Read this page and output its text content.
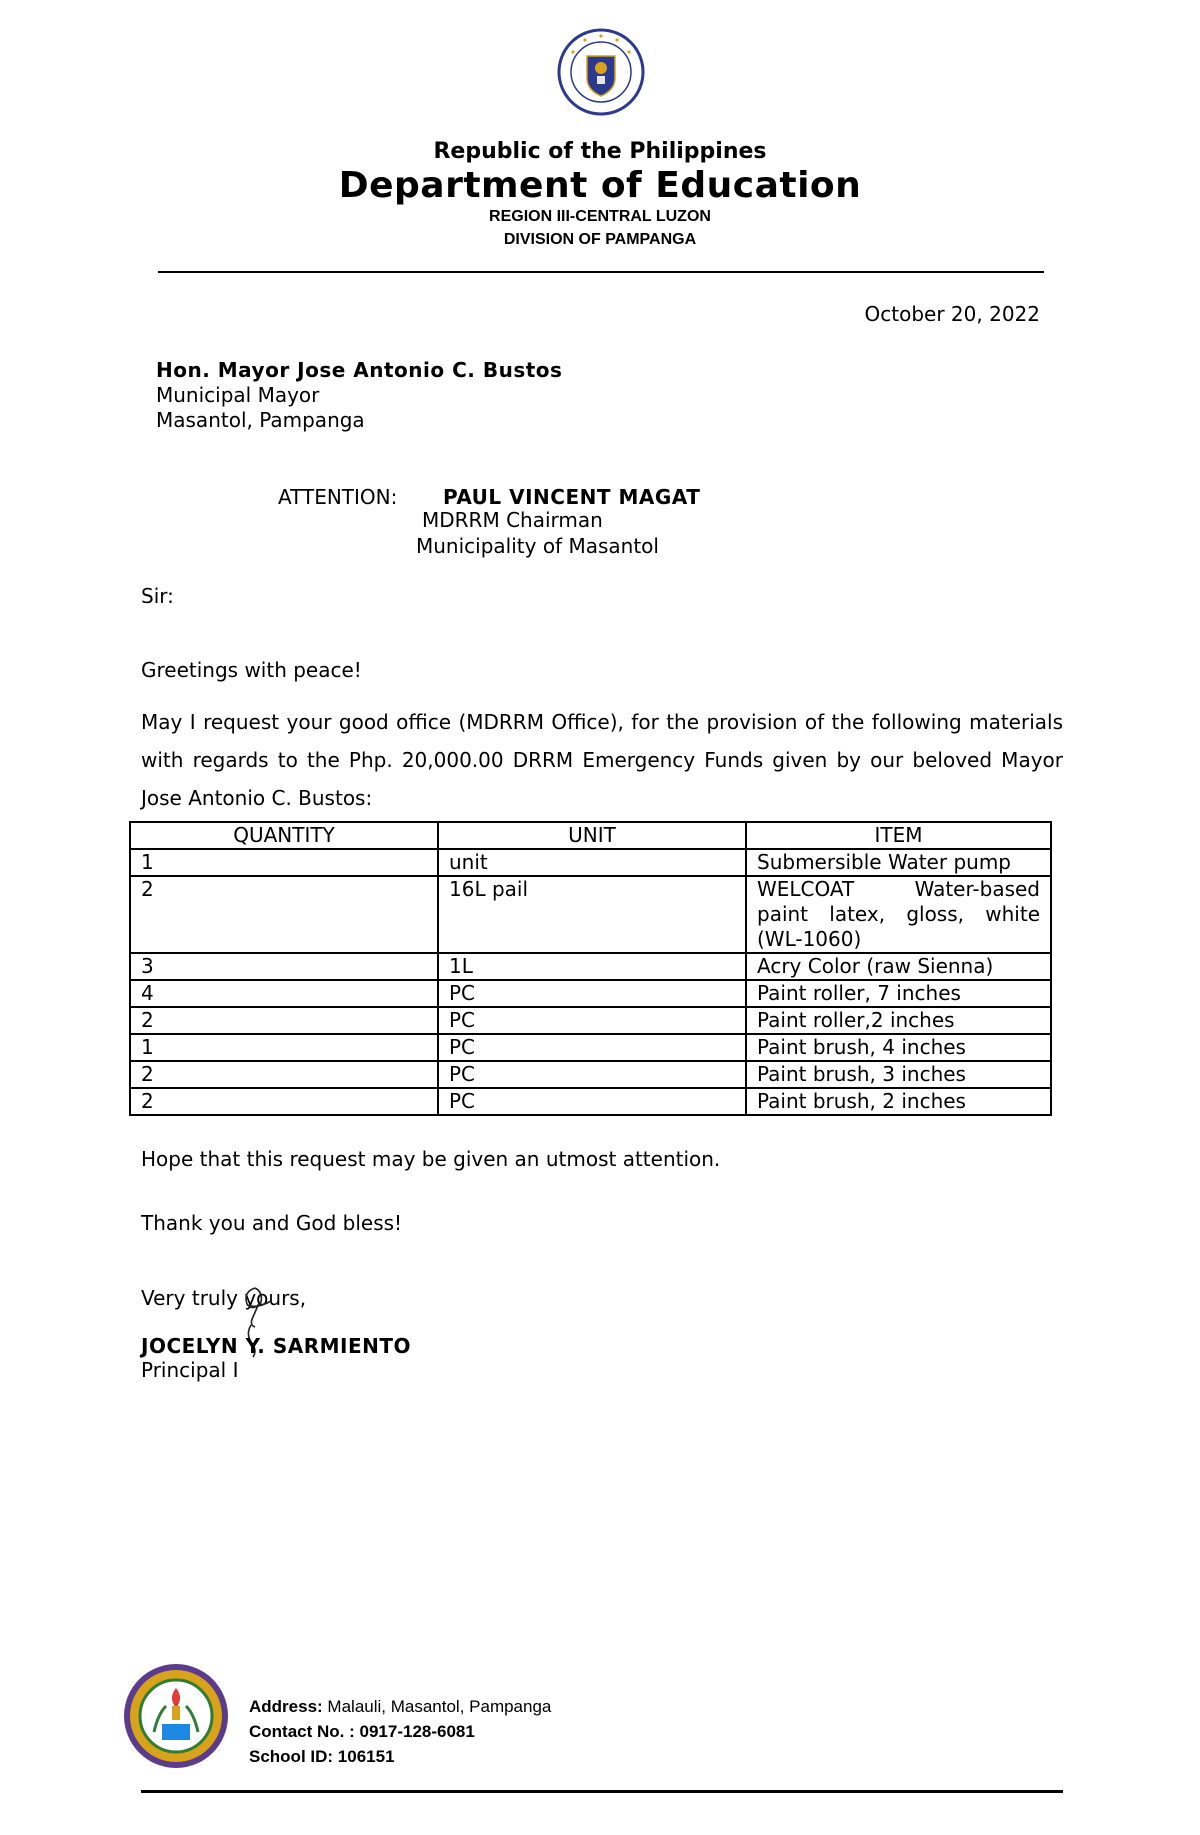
Republic of the Philippines
Department of Education
REGION III-CENTRAL LUZON
DIVISION OF PAMPANGA
October 20, 2022
Hon. Mayor Jose Antonio C. Bustos
Municipal Mayor
Masantol, Pampanga
ATTENTION: PAUL VINCENT MAGAT
MDRRM Chairman
Municipality of Masantol
Sir:
Greetings with peace!
May I request your good office (MDRRM Office), for the provision of the following materials with regards to the Php. 20,000.00 DRRM Emergency Funds given by our beloved Mayor Jose Antonio C. Bustos:
QUANTITY	UNIT	ITEM
1	unit	Submersible Water pump
2	16L pail	WELCOAT Water-based paint latex, gloss, white (WL-1060)
3	1L	Acry Color (raw Sienna)
4	PC	Paint roller, 7 inches
2	PC	Paint roller,2 inches
1	PC	Paint brush, 4 inches
2	PC	Paint brush, 3 inches
2	PC	Paint brush, 2 inches
Hope that this request may be given an utmost attention.
Thank you and God bless!
Very truly yours,
JOCELYN Y. SARMIENTO
Principal I
Address: Malauli, Masantol, Pampanga
Contact No. : 0917-128-6081
School ID: 106151
